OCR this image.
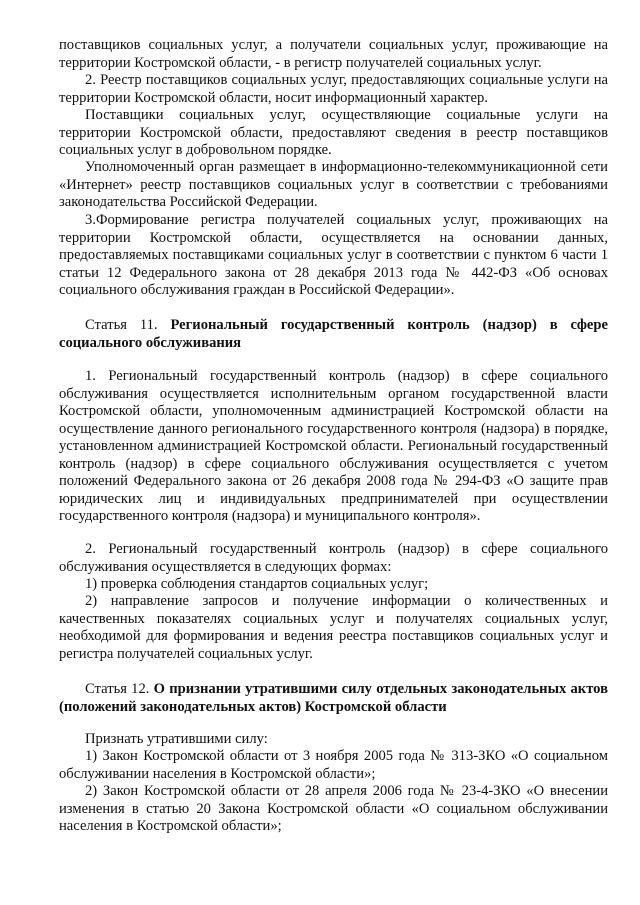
поставщиков социальных услуг, а получатели социальных услуг, проживающие на территории Костромской области, - в регистр получателей социальных услуг.
2. Реестр поставщиков социальных услуг, предоставляющих социальные услуги на территории Костромской области, носит информационный характер.
Поставщики социальных услуг, осуществляющие социальные услуги на территории Костромской области, предоставляют сведения в реестр поставщиков социальных услуг в добровольном порядке.
Уполномоченный орган размещает в информационно-телекоммуникационной сети «Интернет» реестр поставщиков социальных услуг в соответствии с требованиями законодательства Российской Федерации.
3.Формирование регистра получателей социальных услуг, проживающих на территории Костромской области, осуществляется на основании данных, предоставляемых поставщиками социальных услуг в соответствии с пунктом 6 части 1 статьи 12 Федерального закона от 28 декабря 2013 года № 442-ФЗ «Об основах социального обслуживания граждан в Российской Федерации».
Статья 11. Региональный государственный контроль (надзор) в сфере социального обслуживания
1. Региональный государственный контроль (надзор) в сфере социального обслуживания осуществляется исполнительным органом государственной власти Костромской области, уполномоченным администрацией Костромской области на осуществление данного регионального государственного контроля (надзора) в порядке, установленном администрацией Костромской области. Региональный государственный контроль (надзор) в сфере социального обслуживания осуществляется с учетом положений Федерального закона от 26 декабря 2008 года № 294-ФЗ «О защите прав юридических лиц и индивидуальных предпринимателей при осуществлении государственного контроля (надзора) и муниципального контроля».
2. Региональный государственный контроль (надзор) в сфере социального обслуживания осуществляется в следующих формах:
1) проверка соблюдения стандартов социальных услуг;
2) направление запросов и получение информации о количественных и качественных показателях социальных услуг и получателях социальных услуг, необходимой для формирования и ведения реестра поставщиков социальных услуг и регистра получателей социальных услуг.
Статья 12. О признании утратившими силу отдельных законодательных актов (положений законодательных актов) Костромской области
Признать утратившими силу:
1) Закон Костромской области от 3 ноября 2005 года № 313-ЗКО «О социальном обслуживании населения в Костромской области»;
2) Закон Костромской области от 28 апреля 2006 года № 23-4-ЗКО «О внесении изменения в статью 20 Закона Костромской области «О социальном обслуживании населения в Костромской области»;
